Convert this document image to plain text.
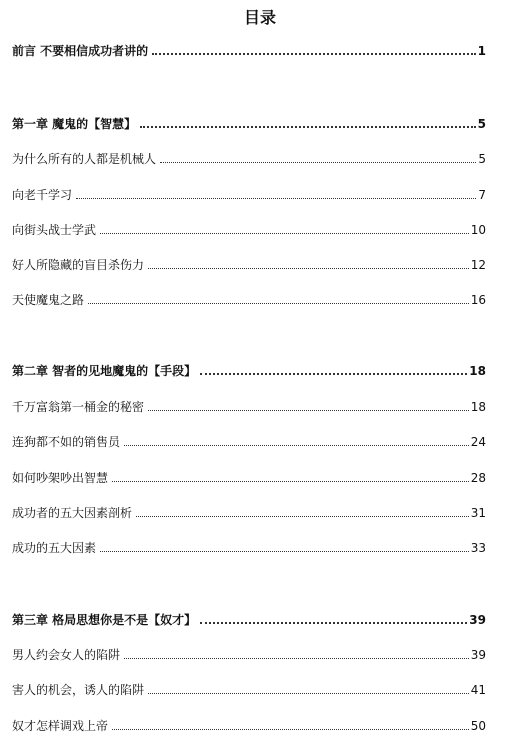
目录
前言 不要相信成功者讲的	1
第一章 魔鬼的【智慧】	5
为什么所有的人都是机械人	5
向老千学习	7
向街头战士学武	10
好人所隐藏的盲目杀伤力	12
天使魔鬼之路	16
第二章 智者的见地魔鬼的【手段】	18
千万富翁第一桶金的秘密	18
连狗都不如的销售员	24
如何吵架吵出智慧	28
成功者的五大因素剖析	31
成功的五大因素	33
第三章 格局思想你是不是【奴才】	39
男人约会女人的陷阱	39
害人的机会，诱人的陷阱	41
奴才怎样调戏上帝	50
